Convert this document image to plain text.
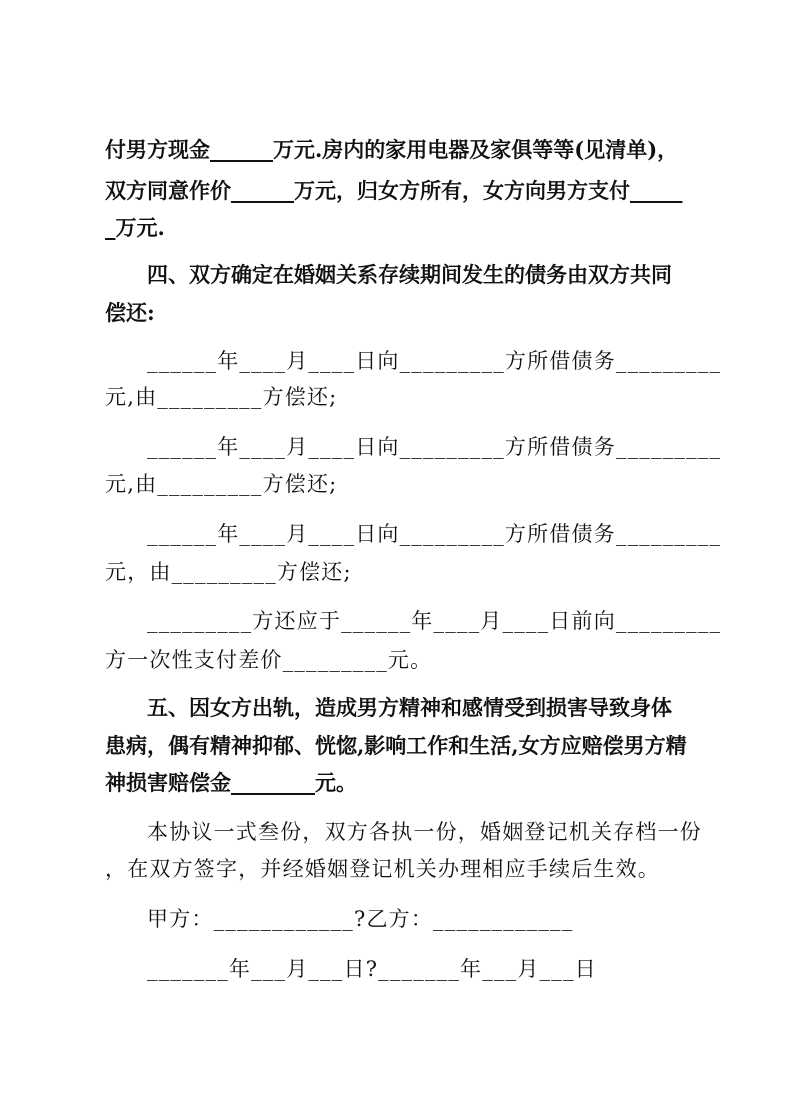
付男方现金______万元.房内的家用电器及家俱等等(见清单)，
双方同意作价______万元，归女方所有，女方向男方支付_____
_万元.
四、双方确定在婚姻关系存续期间发生的债务由双方共同
偿还:
______年____月____日向_________方所借债务_________
元,由_________方偿还;
______年____月____日向_________方所借债务_________
元,由_________方偿还;
______年____月____日向_________方所借债务_________
元，由_________方偿还;
_________方还应于______年____月____日前向_________
方一次性支付差价_________元。
五、因女方出轨，造成男方精神和感情受到损害导致身体
患病，偶有精神抑郁、恍惚,影响工作和生活,女方应赔偿男方精
神损害赔偿金________元。
本协议一式叁份，双方各执一份，婚姻登记机关存档一份
，在双方签字，并经婚姻登记机关办理相应手续后生效。
甲方：____________?乙方：____________
_______年___月___日?_______年___月___日
